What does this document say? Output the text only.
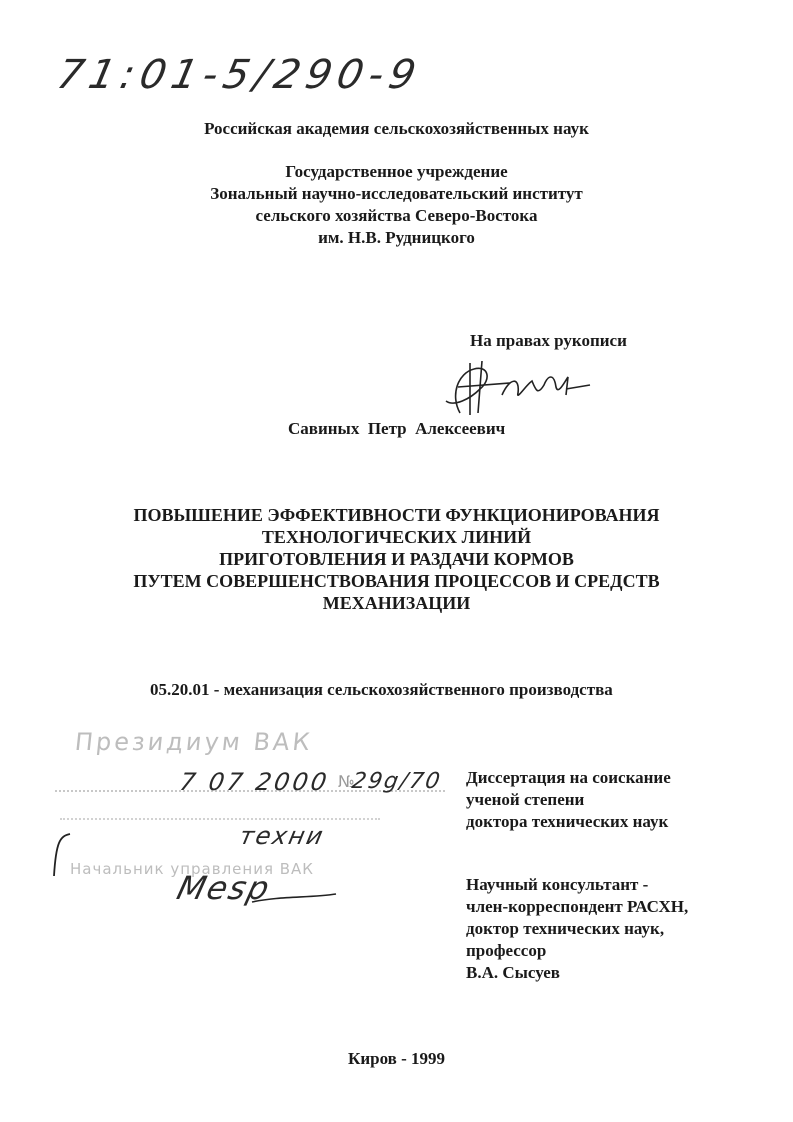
71:01-5/290-9
Российская академия сельскохозяйственных наук
Государственное учреждение
Зональный научно-исследовательский институт
сельского хозяйства Северо-Востока
им. Н.В. Рудницкого
На правах рукописи
Савиных  Петр  Алексеевич
ПОВЫШЕНИЕ ЭФФЕКТИВНОСТИ ФУНКЦИОНИРОВАНИЯ
ТЕХНОЛОГИЧЕСКИХ ЛИНИЙ
ПРИГОТОВЛЕНИЯ И РАЗДАЧИ КОРМОВ
ПУТЕМ СОВЕРШЕНСТВОВАНИЯ ПРОЦЕССОВ И СРЕДСТВ
МЕХАНИЗАЦИИ
05.20.01 - механизация сельскохозяйственного производства
Президиум ВАК
7 07 2000 №
29g/70
техни
Начальник управления ВАК
Mesp
Диссертация на соискание
ученой степени
доктора технических наук
Научный консультант -
член-корреспондент РАСХН,
доктор технических наук,
профессор
В.А. Сысуев
Киров - 1999
